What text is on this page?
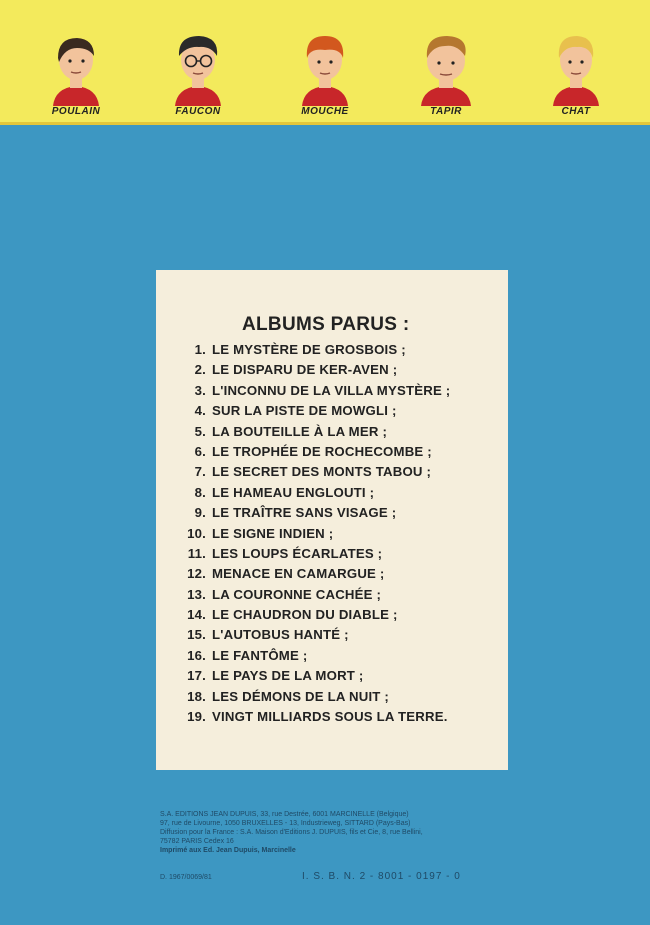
POULAIN	FAUCON	MOUCHE	TAPIR	CHAT
ALBUMS PARUS :
1. LE MYSTÈRE DE GROSBOIS ;
2. LE DISPARU DE KER-AVEN ;
3. L'INCONNU DE LA VILLA MYSTÈRE ;
4. SUR LA PISTE DE MOWGLI ;
5. LA BOUTEILLE À LA MER ;
6. LE TROPHÉE DE ROCHECOMBE ;
7. LE SECRET DES MONTS TABOU ;
8. LE HAMEAU ENGLOUTI ;
9. LE TRAÎTRE SANS VISAGE ;
10. LE SIGNE INDIEN ;
11. LES LOUPS ÉCARLATES ;
12. MENACE EN CAMARGUE ;
13. LA COURONNE CACHÉE ;
14. LE CHAUDRON DU DIABLE ;
15. L'AUTOBUS HANTÉ ;
16. LE FANTÔME ;
17. LE PAYS DE LA MORT ;
18. LES DÉMONS DE LA NUIT ;
19. VINGT MILLIARDS SOUS LA TERRE.
S.A. EDITIONS JEAN DUPUIS, 33, rue Destrée, 6001 MARCINELLE (Belgique)
97, rue de Livourne, 1050 BRUXELLES - 13, Industrieweg, SITTARD (Pays-Bas)
Diffusion pour la France : S.A. Maison d'Editions J. DUPUIS, fils et Cie, 8, rue Bellini,
75782 PARIS Cedex 16
Imprimé aux Ed. Jean Dupuis, Marcinelle
D. 1967/0069/81	I. S. B. N. 2 - 8001 - 0197 - 0
